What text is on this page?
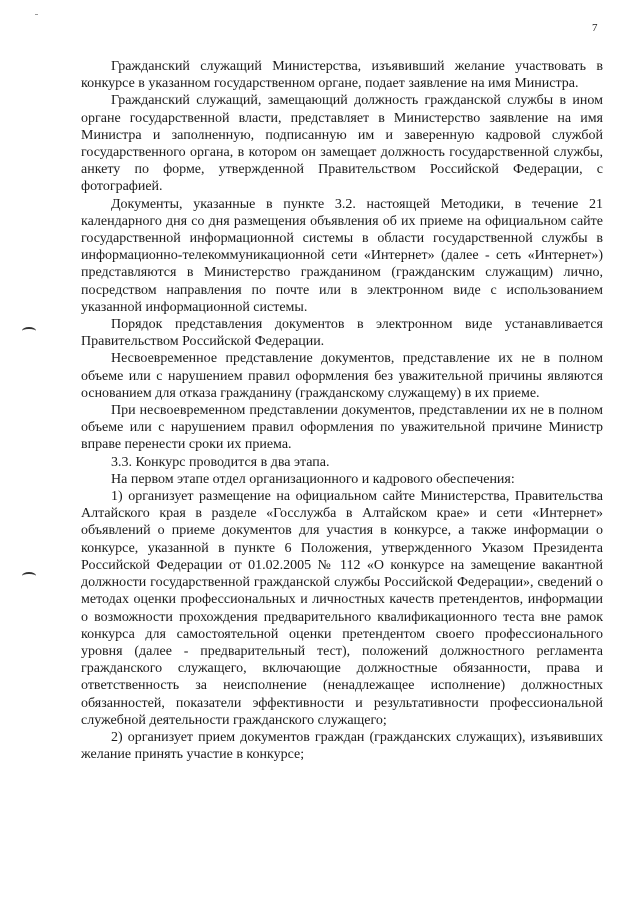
7

Гражданский служащий Министерства, изъявивший желание участвовать в конкурсе в указанном государственном органе, подает заявление на имя Министра.

Гражданский служащий, замещающий должность гражданской службы в ином органе государственной власти, представляет в Министерство заявление на имя Министра и заполненную, подписанную им и заверенную кадровой службой государственного органа, в котором он замещает должность государственной службы, анкету по форме, утвержденной Правительством Российской Федерации, с фотографией.

Документы, указанные в пункте 3.2. настоящей Методики, в течение 21 календарного дня со дня размещения объявления об их приеме на официальном сайте государственной информационной системы в области государственной службы в информационно-телекоммуникационной сети «Интернет» (далее - сеть «Интернет») представляются в Министерство гражданином (гражданским служащим) лично, посредством направления по почте или в электронном виде с использованием указанной информационной системы.

Порядок представления документов в электронном виде устанавливается Правительством Российской Федерации.

Несвоевременное представление документов, представление их не в полном объеме или с нарушением правил оформления без уважительной причины являются основанием для отказа гражданину (гражданскому служащему) в их приеме.

При несвоевременном представлении документов, представлении их не в полном объеме или с нарушением правил оформления по уважительной причине Министр вправе перенести сроки их приема.

3.3. Конкурс проводится в два этапа.

На первом этапе отдел организационного и кадрового обеспечения:

1) организует размещение на официальном сайте Министерства, Правительства Алтайского края в разделе «Госслужба в Алтайском крае» и сети «Интернет» объявлений о приеме документов для участия в конкурсе, а также информации о конкурсе, указанной в пункте 6 Положения, утвержденного Указом Президента Российской Федерации от 01.02.2005 № 112 «О конкурсе на замещение вакантной должности государственной гражданской службы Российской Федерации», сведений о методах оценки профессиональных и личностных качеств претендентов, информации о возможности прохождения предварительного квалификационного теста вне рамок конкурса для самостоятельной оценки претендентом своего профессионального уровня (далее - предварительный тест), положений должностного регламента гражданского служащего, включающие должностные обязанности, права и ответственность за неисполнение (ненадлежащее исполнение) должностных обязанностей, показатели эффективности и результативности профессиональной служебной деятельности гражданского служащего;

2) организует прием документов граждан (гражданских служащих), изъявивших желание принять участие в конкурсе;
